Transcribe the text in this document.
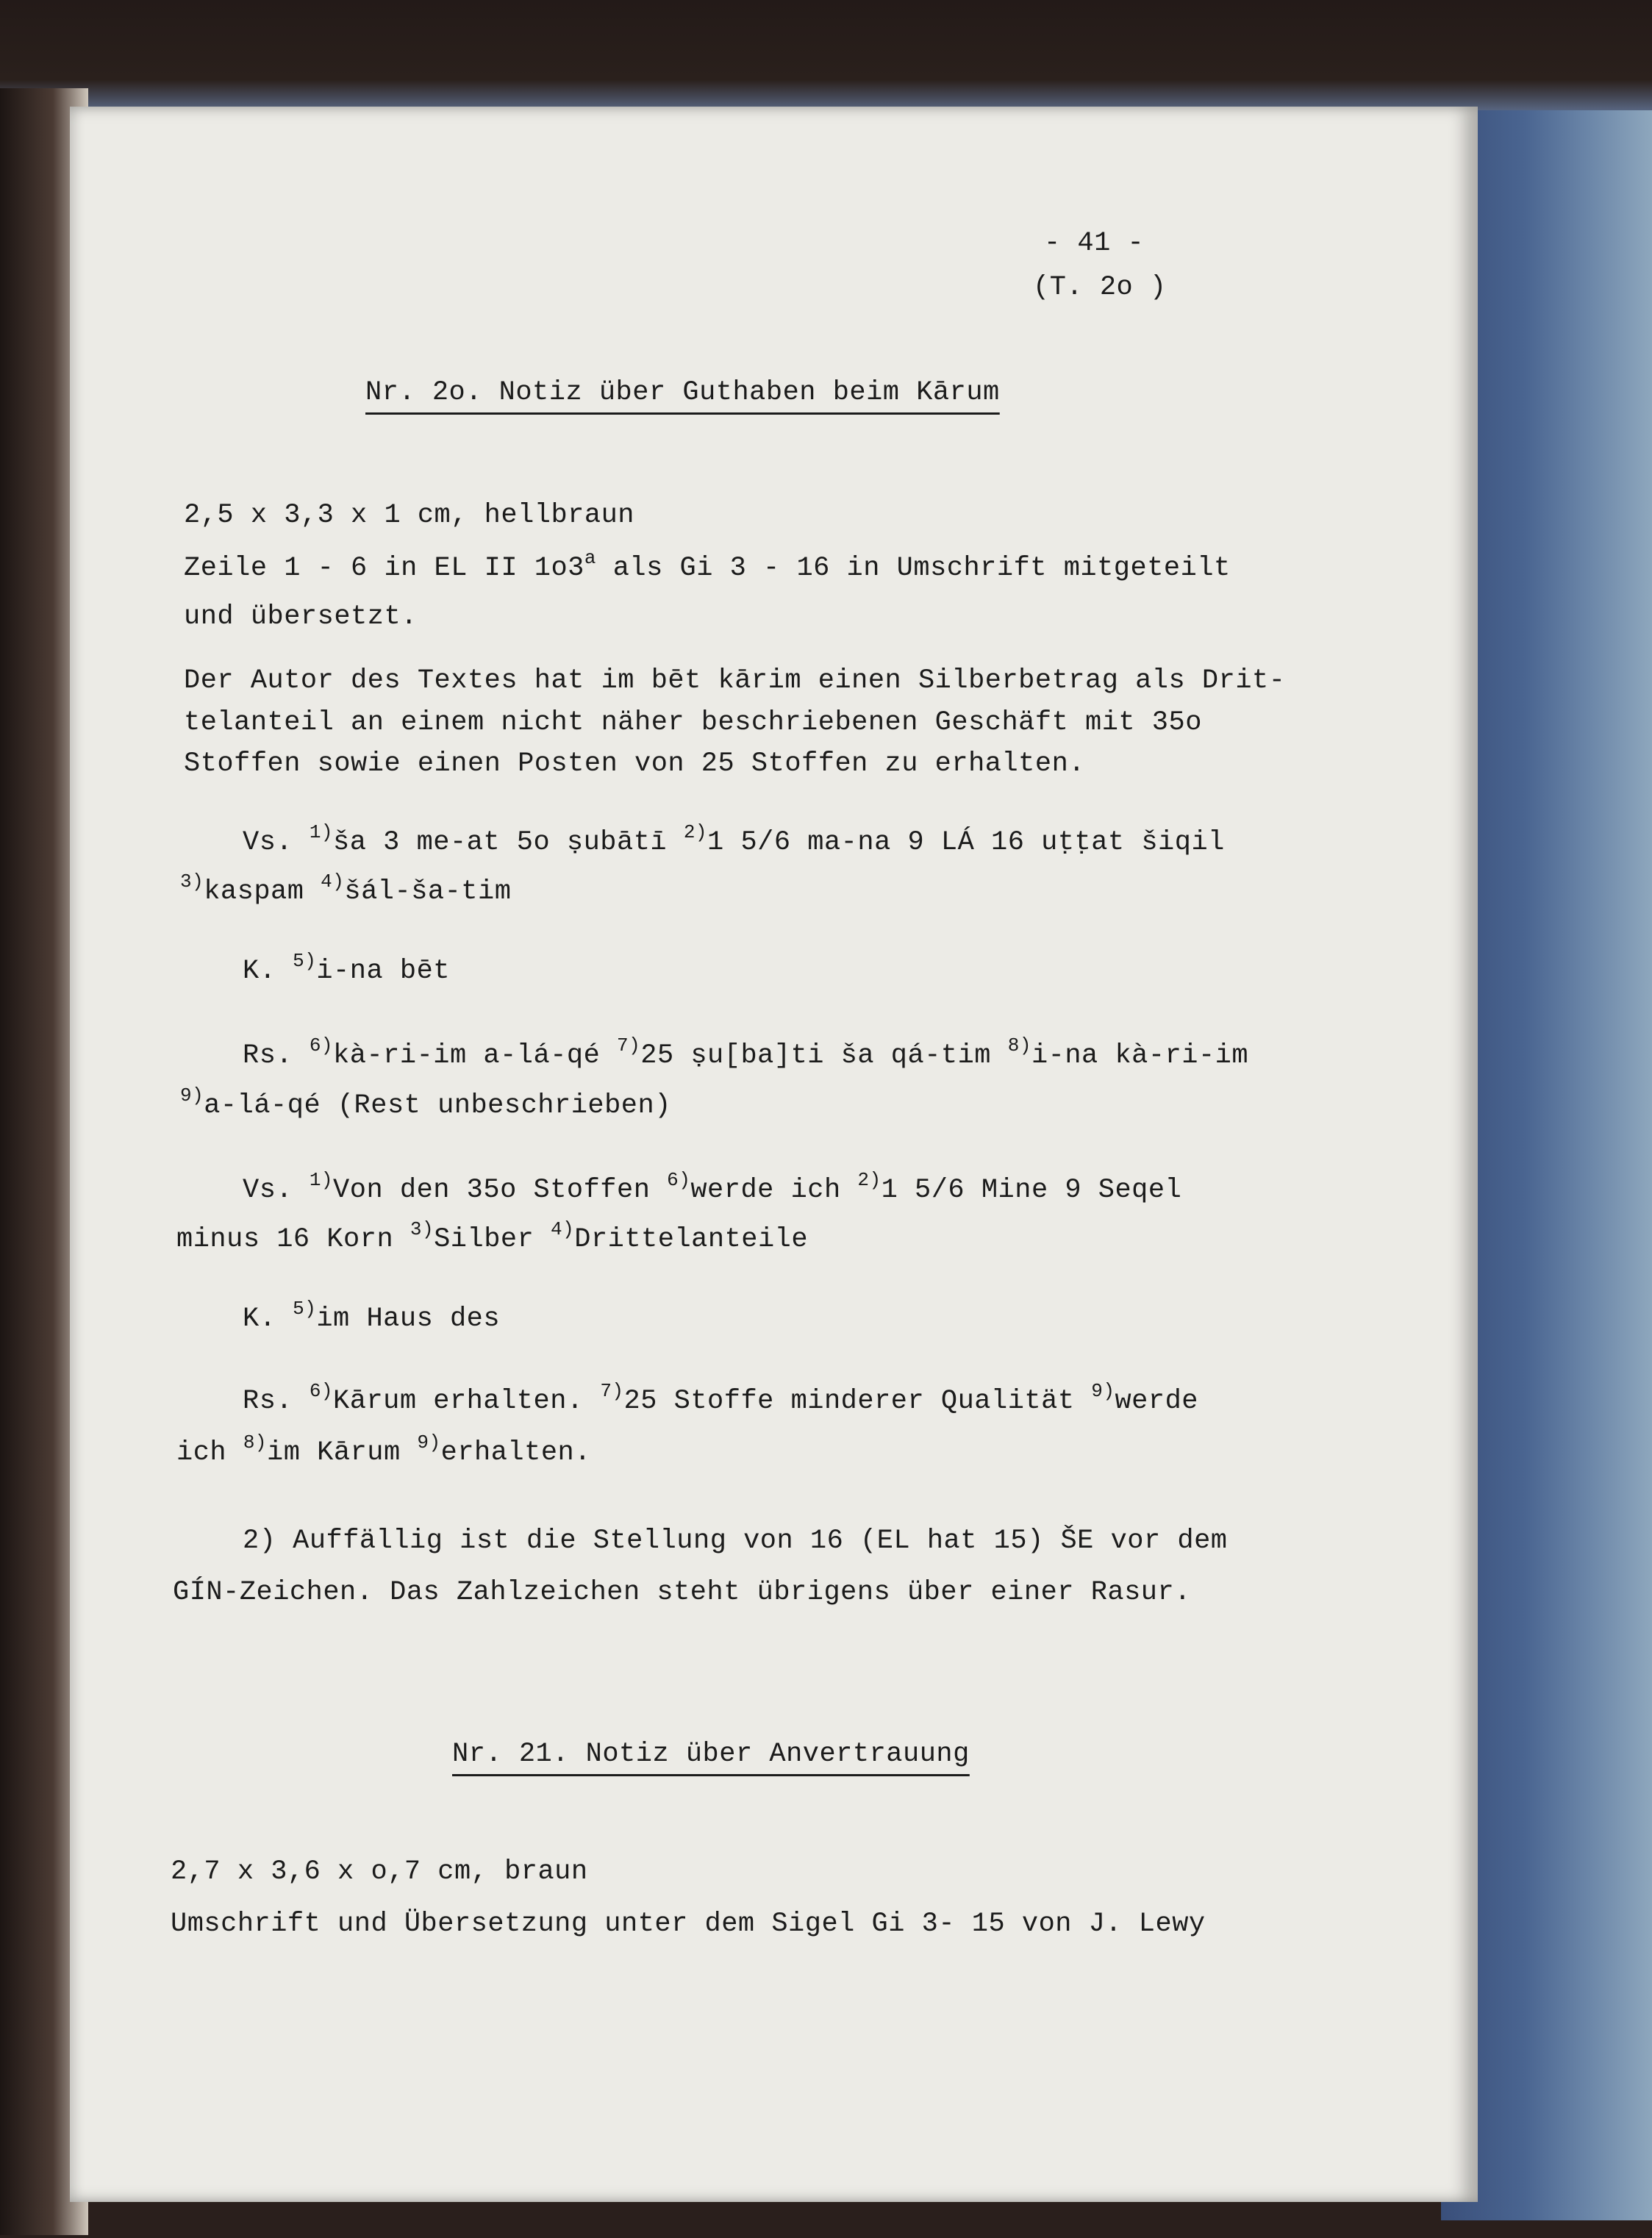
- 41 -
(T. 2o )
Nr. 2o. Notiz über Guthaben beim Kārum
2,5 x 3,3 x 1 cm, hellbraun
Zeile 1 - 6 in EL II 1o3$^a$ als Gi 3 - 16 in Umschrift mitgeteilt
und übersetzt.
Der Autor des Textes hat im bēt kārim einen Silberbetrag als Drit-
telanteil an einem nicht näher beschriebenen Geschäft mit 35o
Stoffen sowie einen Posten von 25 Stoffen zu erhalten.
Vs. $^{1)}$ša 3 me-at 5o ṣubātī $^{2)}$1 5/6 ma-na 9 LÁ 16 uṭṭat šiqil
$^{3)}$kaspam $^{4)}$šál-ša-tim
K. $^{5)}$i-na bēt
Rs. $^{6)}$kà-ri-im a-lá-qé $^{7)}$25 ṣu[ba]ti ša qá-tim $^{8)}$i-na kà-ri-im
$^{9)}$a-lá-qé (Rest unbeschrieben)
Vs. $^{1)}$Von den 35o Stoffen $^{6)}$werde ich $^{2)}$1 5/6 Mine 9 Seqel
minus 16 Korn $^{3)}$Silber $^{4)}$Drittelanteile
K. $^{5)}$im Haus des
Rs. $^{6)}$Kārum erhalten. $^{7)}$25 Stoffe minderer Qualität $^{9)}$werde
ich $^{8)}$im Kārum $^{9)}$erhalten.
2) Auffällig ist die Stellung von 16 (EL hat 15) ŠE vor dem
GÍN-Zeichen. Das Zahlzeichen steht übrigens über einer Rasur.
Nr. 21. Notiz über Anvertrauung
2,7 x 3,6 x o,7 cm, braun
Umschrift und Übersetzung unter dem Sigel Gi 3- 15 von J. Lewy
